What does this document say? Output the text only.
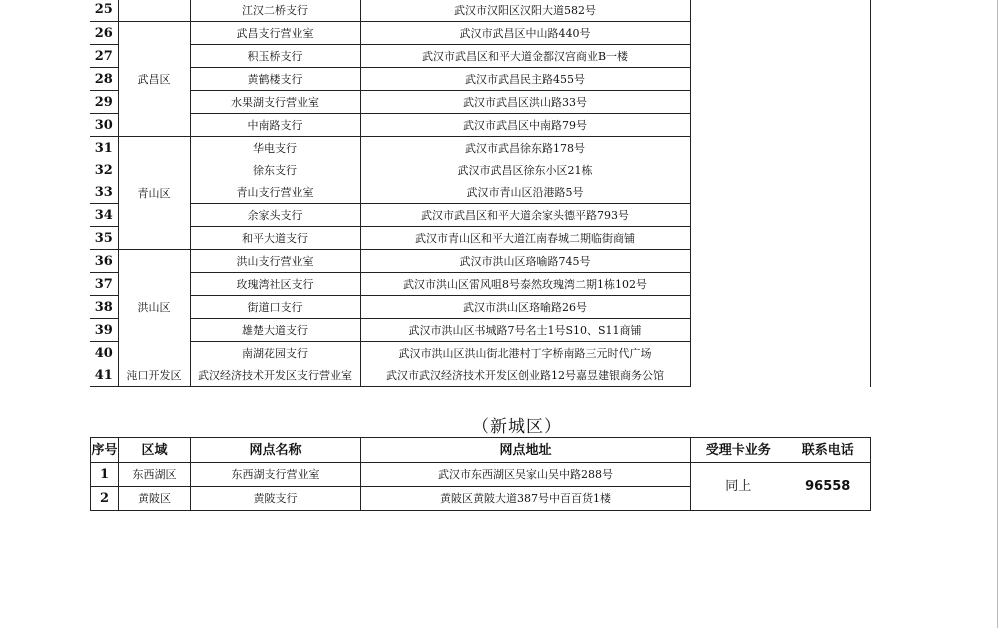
25		江汉二桥支行	武汉市汉阳区汉阳大道582号	
26	武昌区	武昌支行营业室	武汉市武昌区中山路440号	
27		积玉桥支行	武汉市武昌区和平大道金都汉宫商业B一楼	
28		黄鹤楼支行	武汉市武昌民主路455号	
29		水果湖支行营业室	武汉市武昌区洪山路33号	
30		中南路支行	武汉市武昌区中南路79号	
31	青山区	华电支行	武汉市武昌徐东路178号	
32		徐东支行	武汉市武昌区徐东小区21栋	
33		青山支行营业室	武汉市青山区沿港路5号	
34		余家头支行	武汉市武昌区和平大道余家头德平路793号	
35		和平大道支行	武汉市青山区和平大道江南春城二期临街商铺	
36	洪山区	洪山支行营业室	武汉市洪山区珞喻路745号	
37		玫瑰湾社区支行	武汉市洪山区雷风咀8号泰然玫瑰湾二期1栋102号	
38		街道口支行	武汉市洪山区珞喻路26号	
39		雄楚大道支行	武汉市洪山区书城路7号名士1号S10、S11商铺	
40		南湖花园支行	武汉市洪山区洪山街北港村丁字桥南路三元时代广场	
41	沌口开发区	武汉经济技术开发区支行营业室	武汉市武汉经济技术开发区创业路12号嘉昱建银商务公馆	
（新城区）
序号	区域	网点名称	网点地址	受理卡业务	联系电话
1	东西湖区	东西湖支行营业室	武汉市东西湖区吴家山吴中路288号	同上	96558
2	黄陂区	黄陂支行	黄陂区黄陂大道387号中百百货1楼		
